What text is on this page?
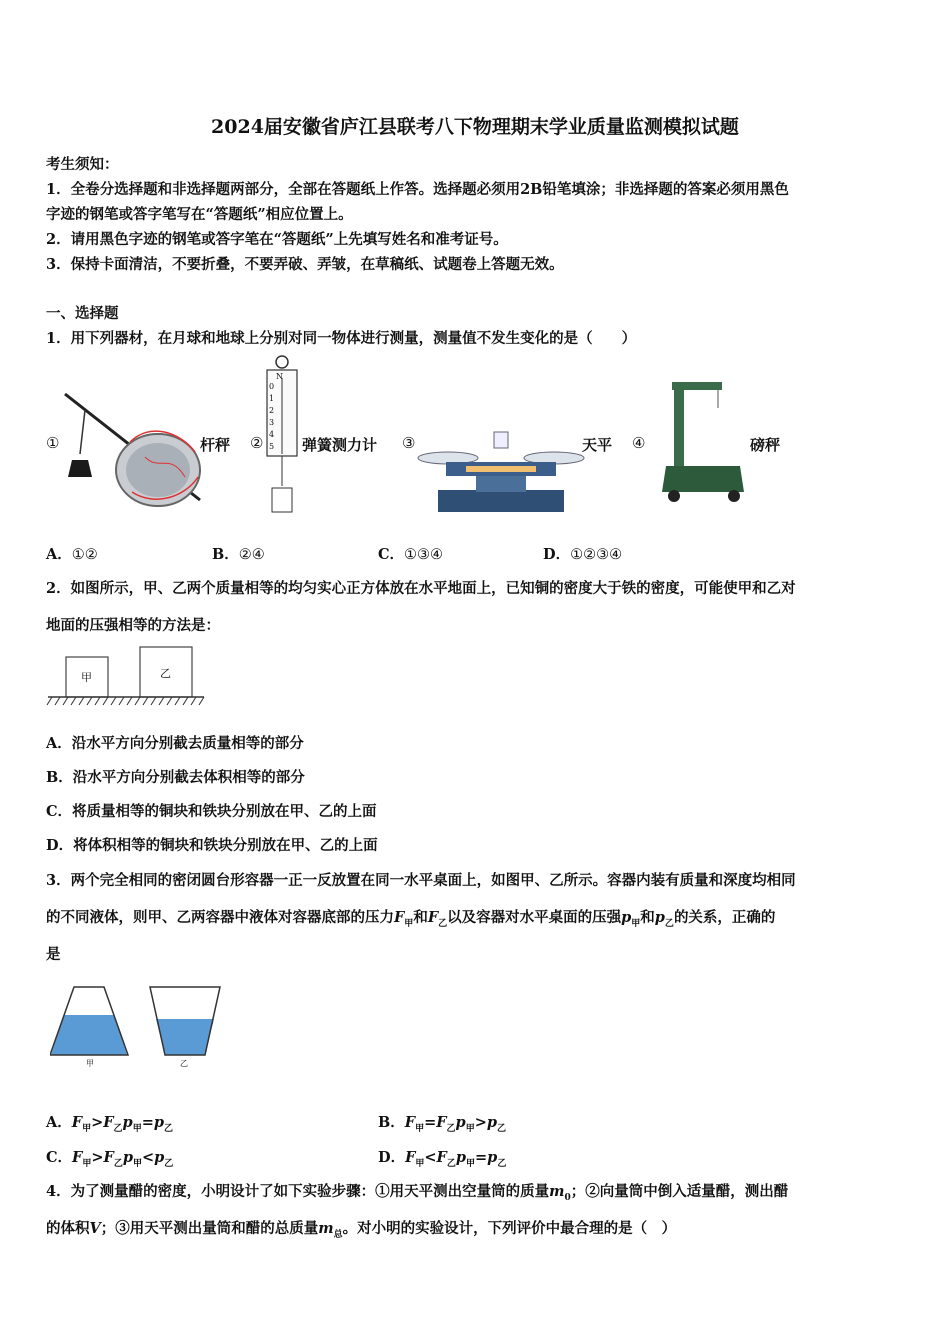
2024届安徽省庐江县联考八下物理期末学业质量监测模拟试题
考生须知：
1．全卷分选择题和非选择题两部分，全部在答题纸上作答。选择题必须用2B铅笔填涂；非选择题的答案必须用黑色
字迹的钢笔或答字笔写在“答题纸”相应位置上。
2．请用黑色字迹的钢笔或答字笔在“答题纸”上先填写姓名和准考证号。
3．保持卡面清洁，不要折叠，不要弄破、弄皱，在草稿纸、试题卷上答题无效。
一、选择题
1．用下列器材，在月球和地球上分别对同一物体进行测量，测量值不发生变化的是（　　）
①	杆秤 ②
N
0
1
2
3
4
5 弹簧测力计 ③	天平 ④	磅秤
A．①②	B．②④	C．①③④	D．①②③④
2．如图所示，甲、乙两个质量相等的均匀实心正方体放在水平地面上，已知铜的密度大于铁的密度，可能使甲和乙对
地面的压强相等的方法是：
甲	乙
A．沿水平方向分别截去质量相等的部分
B．沿水平方向分别截去体积相等的部分
C．将质量相等的铜块和铁块分别放在甲、乙的上面
D．将体积相等的铜块和铁块分别放在甲、乙的上面
3．两个完全相同的密闭圆台形容器一正一反放置在同一水平桌面上，如图甲、乙所示。容器内装有质量和深度均相同
的不同液体，则甲、乙两容器中液体对容器底部的压力$F_甲$和$F_乙$以及容器对水平桌面的压强$p_甲$和$p_乙$的关系，正确的
是
甲	乙
A．$F_甲>F_乙p_甲=p_乙$	B．$F_甲=F_乙p_甲>p_乙$
C．$F_甲>F_乙p_甲<p_乙$	D．$F_甲<F_乙p_甲=p_乙$
4．为了测量醋的密度，小明设计了如下实验步骤：①用天平测出空量筒的质量$m_0$；②向量筒中倒入适量醋，测出醋
的体积V；③用天平测出量筒和醋的总质量$m_总$。对小明的实验设计，下列评价中最合理的是（　）
